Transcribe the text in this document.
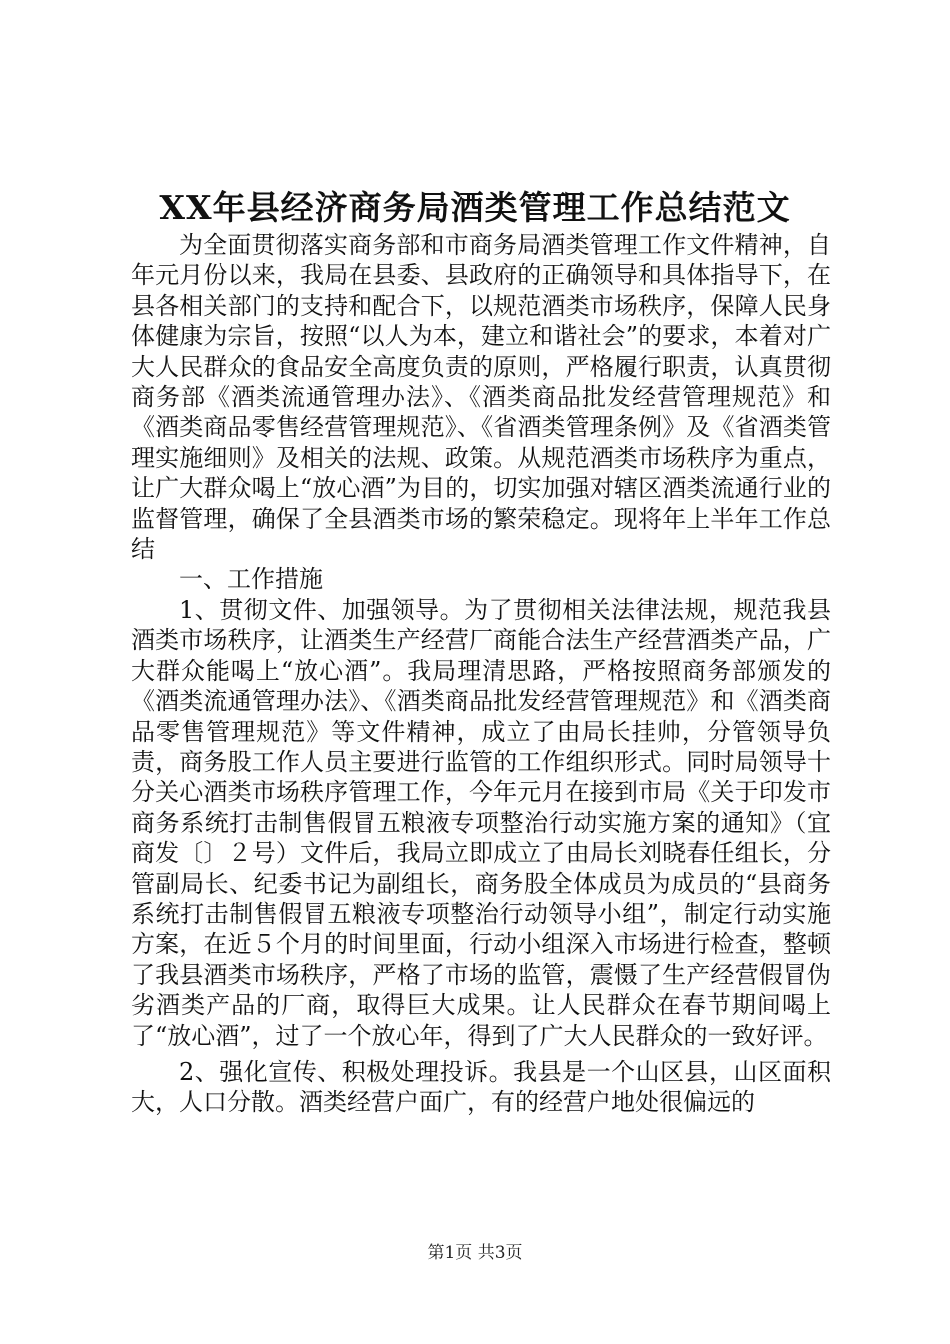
XX年县经济商务局酒类管理工作总结范文

为全面贯彻落实商务部和市商务局酒类管理工作文件精神，自年元月份以来，我局在县委、县政府的正确领导和具体指导下，在县各相关部门的支持和配合下，以规范酒类市场秩序，保障人民身体健康为宗旨，按照“以人为本，建立和谐社会”的要求，本着对广大人民群众的食品安全高度负责的原则，严格履行职责，认真贯彻商务部《酒类流通管理办法》、《酒类商品批发经营管理规范》和《酒类商品零售经营管理规范》、《省酒类管理条例》及《省酒类管理实施细则》及相关的法规、政策。从规范酒类市场秩序为重点，让广大群众喝上“放心酒”为目的，切实加强对辖区酒类流通行业的监督管理，确保了全县酒类市场的繁荣稳定。现将年上半年工作总结

一、工作措施

1、贯彻文件、加强领导。为了贯彻相关法律法规，规范我县酒类市场秩序，让酒类生产经营厂商能合法生产经营酒类产品，广大群众能喝上“放心酒”。我局理清思路，严格按照商务部颁发的《酒类流通管理办法》、《酒类商品批发经营管理规范》和《酒类商品零售管理规范》等文件精神，成立了由局长挂帅，分管领导负责，商务股工作人员主要进行监管的工作组织形式。同时局领导十分关心酒类市场秩序管理工作，今年元月在接到市局《关于印发市商务系统打击制售假冒五粮液专项整治行动实施方案的通知》（宜商发〔〕２号）文件后，我局立即成立了由局长刘晓春任组长，分管副局长、纪委书记为副组长，商务股全体成员为成员的“县商务系统打击制售假冒五粮液专项整治行动领导小组”，制定行动实施方案，在近５个月的时间里面，行动小组深入市场进行检查，整顿了我县酒类市场秩序，严格了市场的监管，震慑了生产经营假冒伪劣酒类产品的厂商，取得巨大成果。让人民群众在春节期间喝上了“放心酒”，过了一个放心年，得到了广大人民群众的一致好评。

2、强化宣传、积极处理投诉。我县是一个山区县，山区面积大，人口分散。酒类经营户面广，有的经营户地处很偏远的

第1页 共3页
